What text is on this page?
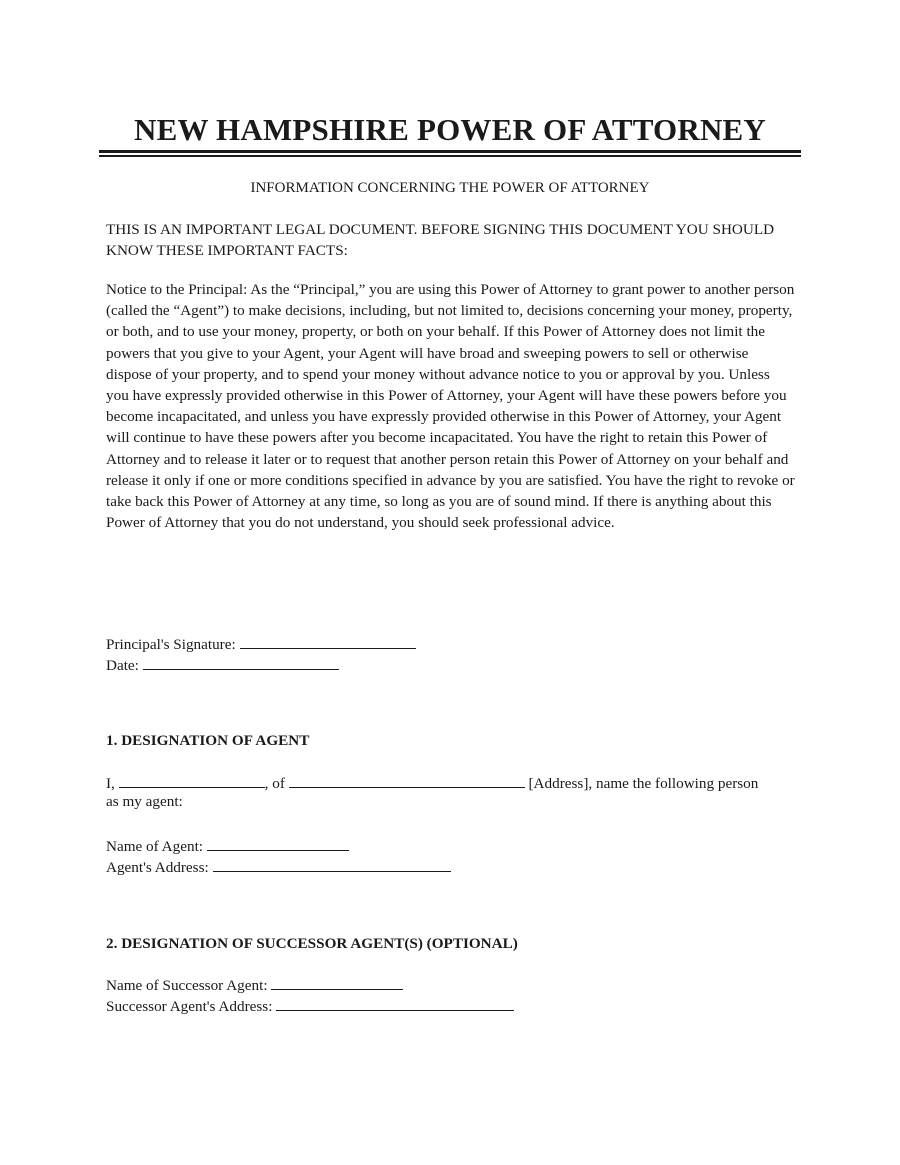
NEW HAMPSHIRE POWER OF ATTORNEY
INFORMATION CONCERNING THE POWER OF ATTORNEY
THIS IS AN IMPORTANT LEGAL DOCUMENT. BEFORE SIGNING THIS DOCUMENT YOU SHOULD KNOW THESE IMPORTANT FACTS:
Notice to the Principal: As the “Principal,” you are using this Power of Attorney to grant power to another person (called the “Agent”) to make decisions, including, but not limited to, decisions concerning your money, property, or both, and to use your money, property, or both on your behalf. If this Power of Attorney does not limit the powers that you give to your Agent, your Agent will have broad and sweeping powers to sell or otherwise dispose of your property, and to spend your money without advance notice to you or approval by you. Unless you have expressly provided otherwise in this Power of Attorney, your Agent will have these powers before you become incapacitated, and unless you have expressly provided otherwise in this Power of Attorney, your Agent will continue to have these powers after you become incapacitated. You have the right to retain this Power of Attorney and to release it later or to request that another person retain this Power of Attorney on your behalf and release it only if one or more conditions specified in advance by you are satisfied. You have the right to revoke or take back this Power of Attorney at any time, so long as you are of sound mind. If there is anything about this Power of Attorney that you do not understand, you should seek professional advice.
Principal's Signature:
Date:
1. DESIGNATION OF AGENT
I,	, of	[Address], name the following person
as my agent:
Name of Agent:
Agent's Address:
2. DESIGNATION OF SUCCESSOR AGENT(S) (OPTIONAL)
Name of Successor Agent:
Successor Agent's Address:
